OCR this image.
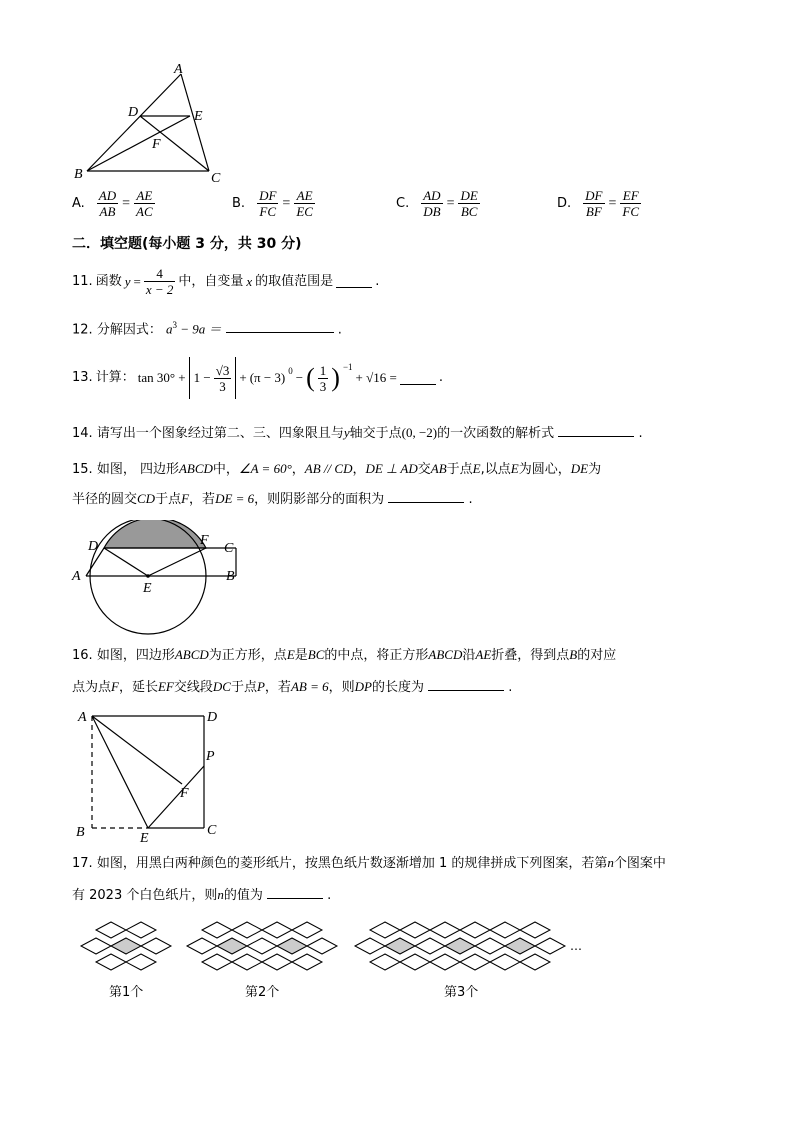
A
D	E
F
B	C
A. $\frac{AD}{AB} = \frac{AE}{AC}$	B. $\frac{DF}{FC} = \frac{AE}{EC}$	C. $\frac{AD}{DB} = \frac{DE}{BC}$	D. $\frac{DF}{BF} = \frac{EF}{FC}$
二．填空题(每小题 3 分，共 30 分)
11. 函数 $y = \frac{4}{x - 2}$ 中，自变量 x 的取值范围是	.
12. 分解因式： $a^3 - 9a$ ＝	.
13. 计算： $\tan 30^\circ + 1 - \frac{√3}{3} + (\pi - 3) ^0$ − ( $\frac{1}{3}$ ) $^{-1}$
+ √16 =	.
14. 请写出一个图象经过第二、三、四象限且与y轴交于点(0, −2)的一次函数的解析式	.
15. 如图， 四边形ABCD中，∠A = 60°，AB // CD，DE ⊥ AD交AB于点E,以点E为圆心，DE为
半径的圆交CD于点F，若DE = 6，则阴影部分的面积为	.
D	F
C
A
E
B
16. 如图，四边形ABCD为正方形，点E是BC的中点，将正方形ABCD沿AE折叠，得到点B的对应
点为点F，延长EF交线段DC于点P，若AB = 6，则DP的长度为	.
A	D
P
F
B	E
C
17. 如图，用黑白两种颜色的菱形纸片，按黑色纸片数逐渐增加 1 的规律拼成下列图案，若第n个图案中
有 2023 个白色纸片，则n的值为	.
…
第1个	第2个	第3个
